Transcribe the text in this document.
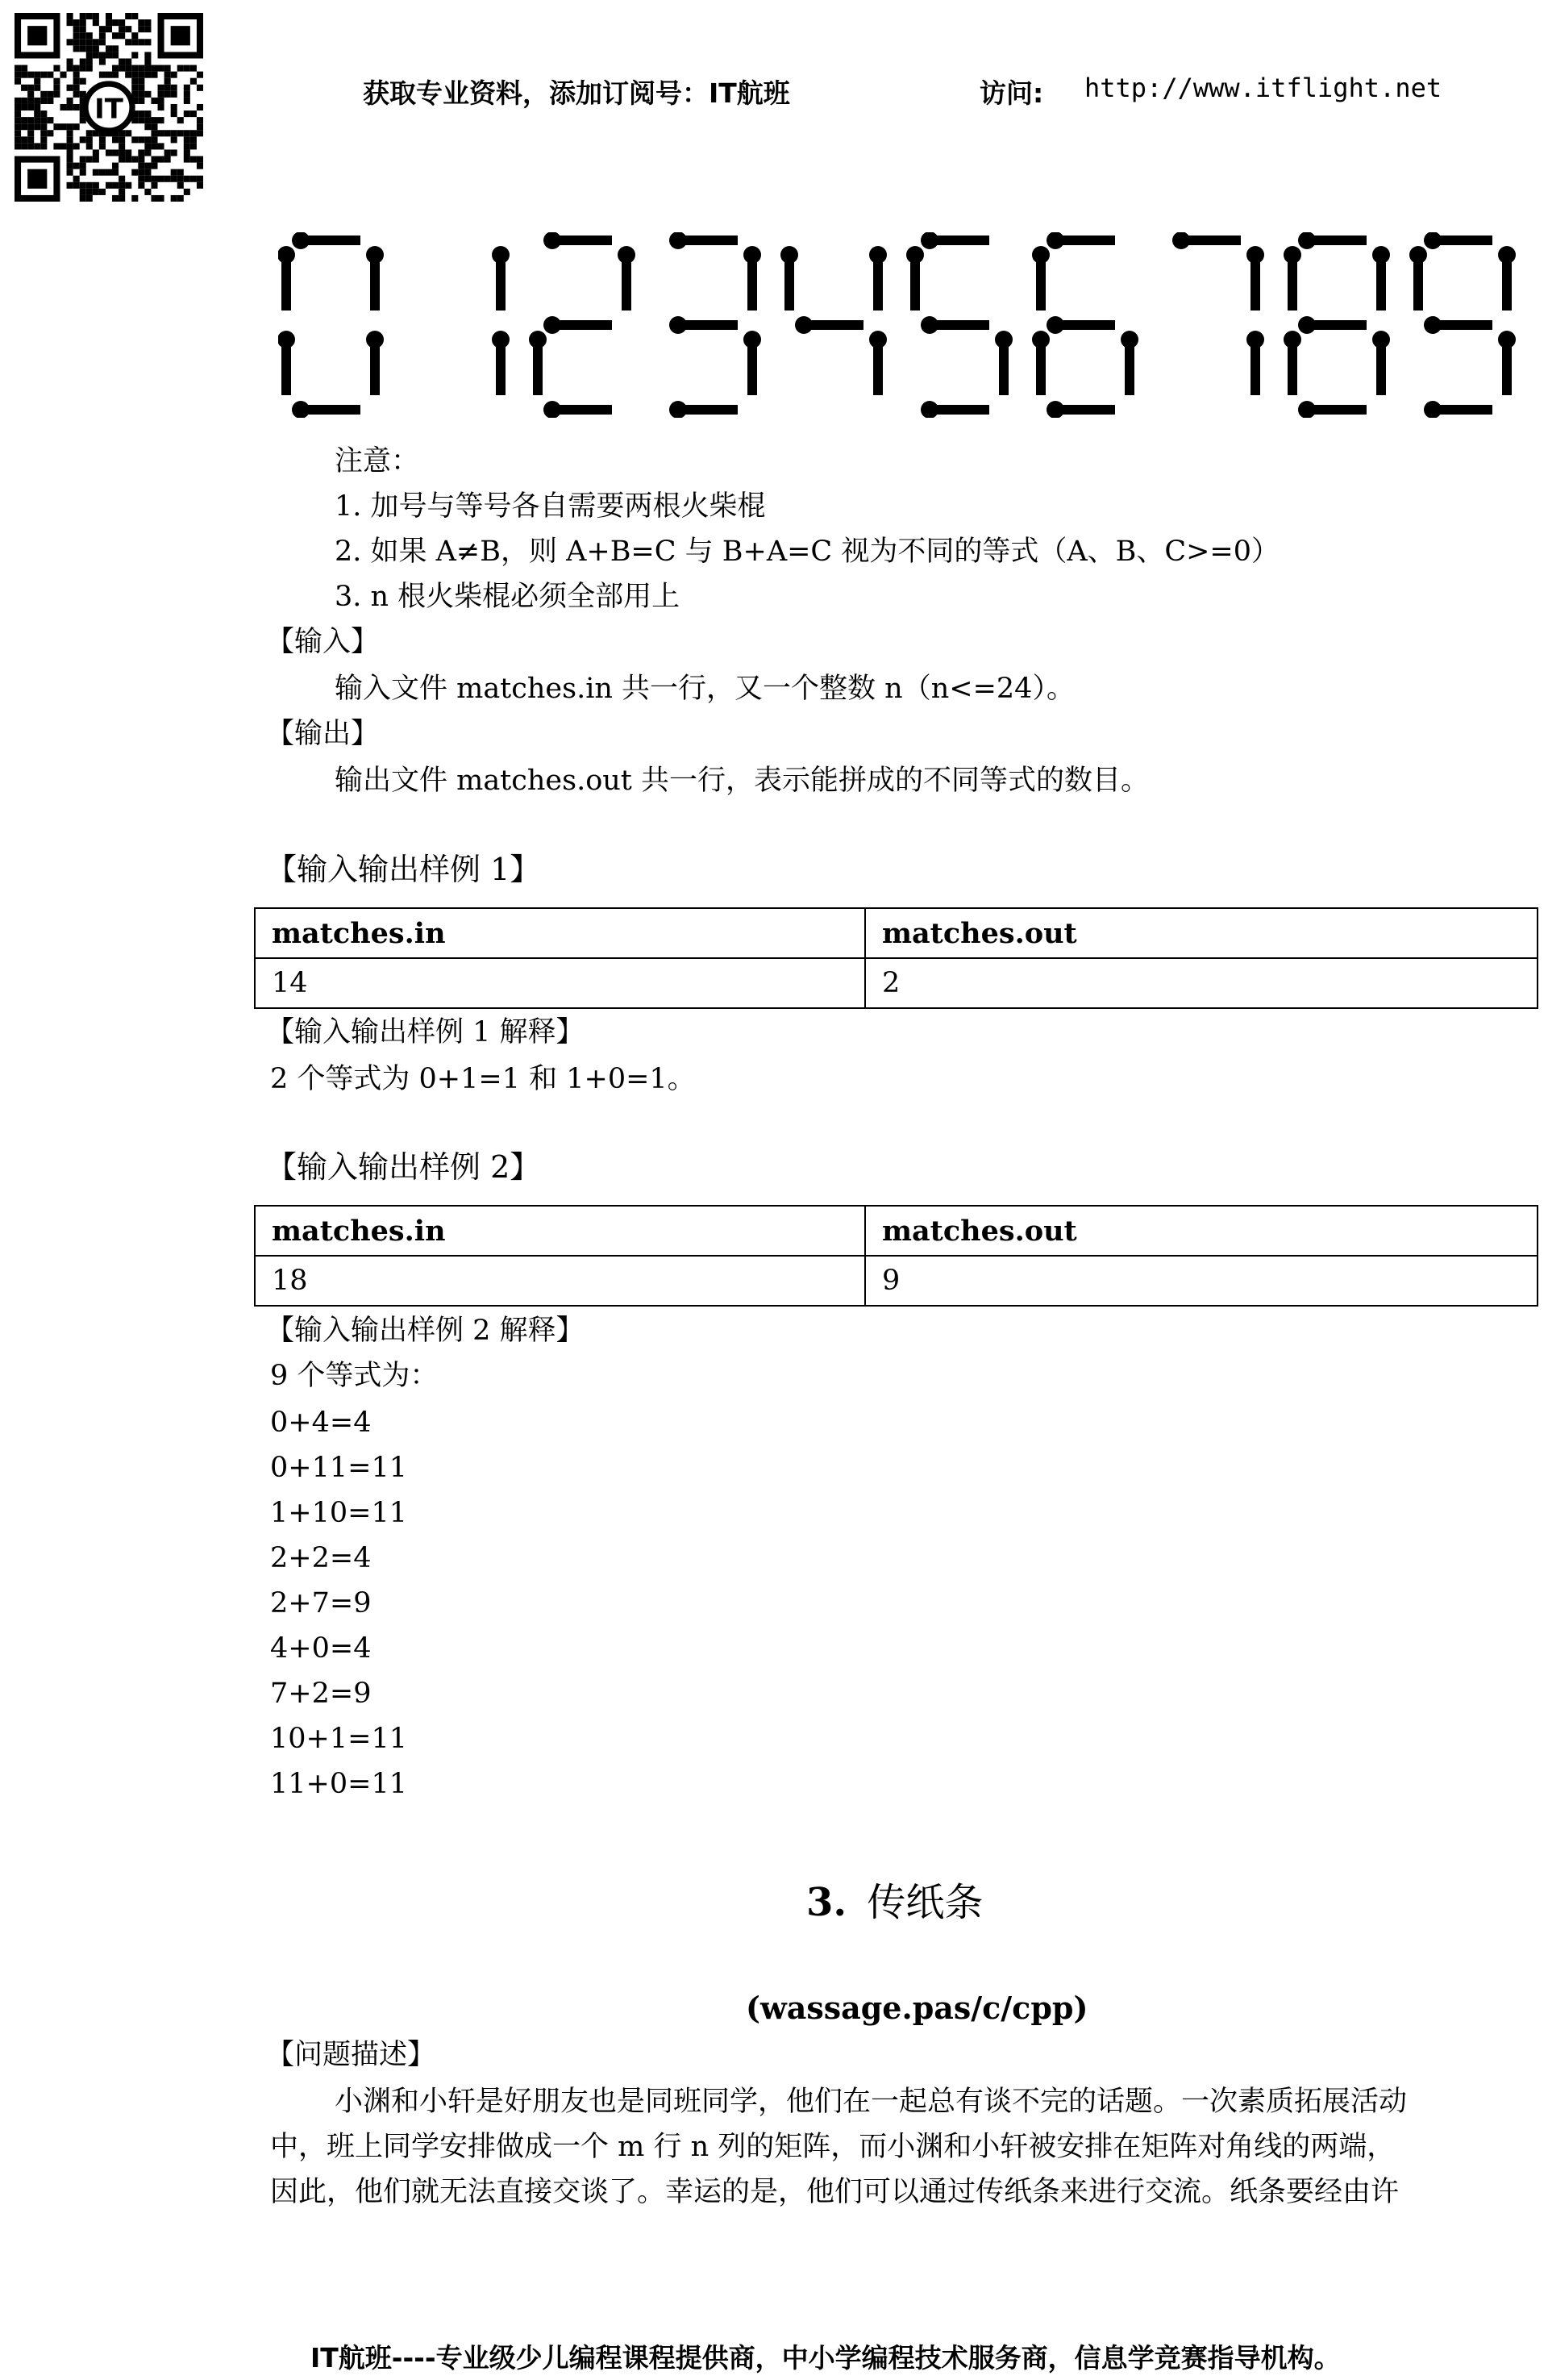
IT
获取专业资料，添加订阅号：IT航班	访问: http://www.itflight.net
注意：
1. 加号与等号各自需要两根火柴棍
2. 如果 A≠B，则 A+B=C 与 B+A=C 视为不同的等式（A、B、C>=0）
3. n 根火柴棍必须全部用上
【输入】
输入文件 matches.in 共一行，又一个整数 n（n<=24）。
【输出】
输出文件 matches.out 共一行，表示能拼成的不同等式的数目。
【输入输出样例 1】
matches.in	matches.out
14	2
【输入输出样例 1 解释】
2 个等式为 0+1=1 和 1+0=1。
【输入输出样例 2】
matches.in	matches.out
18	9
【输入输出样例 2 解释】
9 个等式为：
0+4=4
0+11=11
1+10=11
2+2=4
2+7=9
4+0=4
7+2=9
10+1=11
11+0=11
3. 传纸条
(wassage.pas/c/cpp)
【问题描述】
小渊和小轩是好朋友也是同班同学，他们在一起总有谈不完的话题。一次素质拓展活动
中，班上同学安排做成一个 m 行 n 列的矩阵，而小渊和小轩被安排在矩阵对角线的两端，
因此，他们就无法直接交谈了。幸运的是，他们可以通过传纸条来进行交流。纸条要经由许
IT航班----专业级少儿编程课程提供商，中小学编程技术服务商，信息学竞赛指导机构。
